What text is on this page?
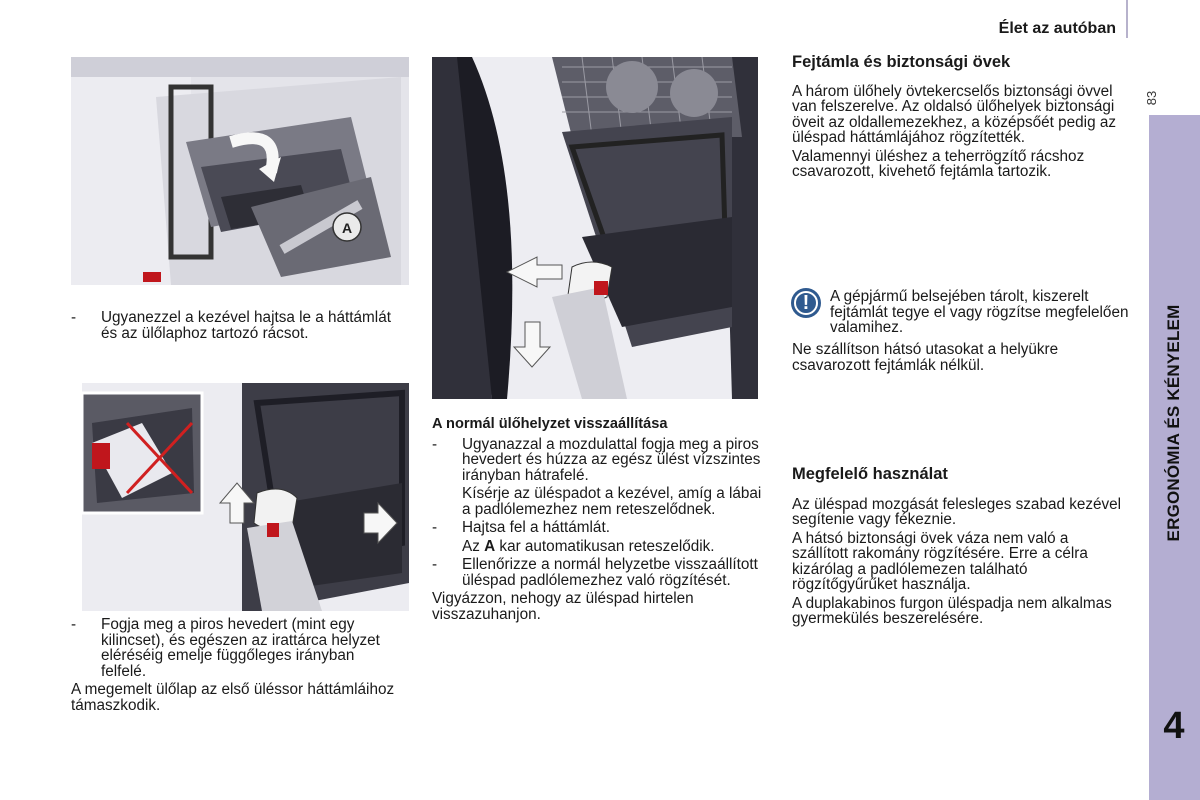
Élet az autóban
83
ERGONÓMIA ÉS KÉNYELEM
4
A
- Ugyanezzel a kezével hajtsa le a háttámlát és az ülőlaphoz tartozó rácsot.
- Fogja meg a piros hevedert (mint egy kilincset), és egészen az irattárca helyzet eléréséig emelje függőleges irányban felfelé.

A megemelt ülőlap az első üléssor háttámláihoz támaszkodik.

A normál ülőhelyzet visszaállítása
- Ugyanazzal a mozdulattal fogja meg a piros hevedert és húzza az egész ülést vízszintes irányban hátrafelé.

Kísérje az üléspadot a kezével, amíg a lábai a padlólemezhez nem reteszelődnek.

- Hajtsa fel a háttámlát.

Az A kar automatikusan reteszelődik.

- Ellenőrizze a normál helyzetbe visszaállított üléspad padlólemezhez való rögzítését.

Vigyázzon, nehogy az üléspad hirtelen visszazuhanjon.

Fejtámla és biztonsági övek

A három ülőhely övtekercselős biztonsági övvel van felszerelve. Az oldalsó ülőhelyek biztonsági öveit az oldallemezekhez, a középsőét pedig az üléspad háttámlájához rögzítették.

Valamennyi üléshez a teherrögzítő rácshoz csavarozott, kivehető fejtámla tartozik.

!	A gépjármű belsejében tárolt, kiszerelt fejtámlát tegye el vagy rögzítse megfelelően valamihez.
Ne szállítson hátsó utasokat a helyükre csavarozott fejtámlák nélkül.
Megfelelő használat

Az üléspad mozgását felesleges szabad kezével segítenie vagy fékeznie.

A hátsó biztonsági övek váza nem való a szállított rakomány rögzítésére. Erre a célra kizárólag a padlólemezen található rögzítőgyűrűket használja.

A duplakabinos furgon üléspadja nem alkalmas gyermekülés beszerelésére.
